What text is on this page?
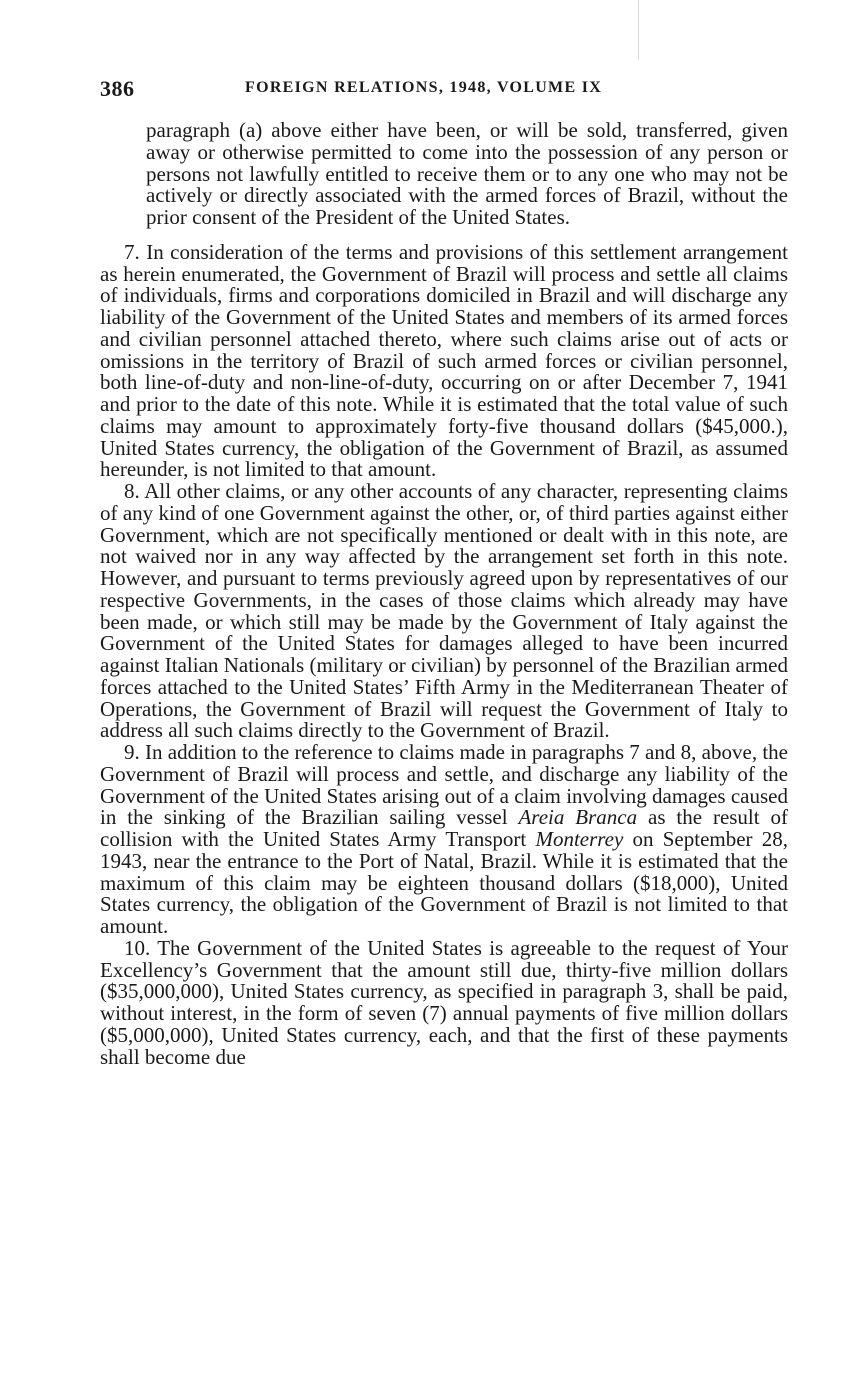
386	FOREIGN RELATIONS, 1948, VOLUME IX

paragraph (a) above either have been, or will be sold, transferred, given away or otherwise permitted to come into the possession of any person or persons not lawfully entitled to receive them or to any one who may not be actively or directly associated with the armed forces of Brazil, without the prior consent of the President of the United States.

7. In consideration of the terms and provisions of this settlement arrangement as herein enumerated, the Government of Brazil will process and settle all claims of individuals, firms and corporations domiciled in Brazil and will discharge any liability of the Government of the United States and members of its armed forces and civilian personnel attached thereto, where such claims arise out of acts or omissions in the territory of Brazil of such armed forces or civilian personnel, both line-of-duty and non-line-of-duty, occurring on or after December 7, 1941 and prior to the date of this note. While it is estimated that the total value of such claims may amount to approximately forty-five thousand dollars ($45,000.), United States currency, the obligation of the Government of Brazil, as assumed hereunder, is not limited to that amount.

8. All other claims, or any other accounts of any character, representing claims of any kind of one Government against the other, or, of third parties against either Government, which are not specifically mentioned or dealt with in this note, are not waived nor in any way affected by the arrangement set forth in this note. However, and pursuant to terms previously agreed upon by representatives of our respective Governments, in the cases of those claims which already may have been made, or which still may be made by the Government of Italy against the Government of the United States for damages alleged to have been incurred against Italian Nationals (military or civilian) by personnel of the Brazilian armed forces attached to the United States’ Fifth Army in the Mediterranean Theater of Operations, the Government of Brazil will request the Government of Italy to address all such claims directly to the Government of Brazil.

9. In addition to the reference to claims made in paragraphs 7 and 8, above, the Government of Brazil will process and settle, and discharge any liability of the Government of the United States arising out of a claim involving damages caused in the sinking of the Brazilian sailing vessel Areia Branca as the result of collision with the United States Army Transport Monterrey on September 28, 1943, near the entrance to the Port of Natal, Brazil. While it is estimated that the maximum of this claim may be eighteen thousand dollars ($18,000), United States currency, the obligation of the Government of Brazil is not limited to that amount.

10. The Government of the United States is agreeable to the request of Your Excellency’s Government that the amount still due, thirty-five million dollars ($35,000,000), United States currency, as specified in paragraph 3, shall be paid, without interest, in the form of seven (7) annual payments of five million dollars ($5,000,000), United States currency, each, and that the first of these payments shall become due
